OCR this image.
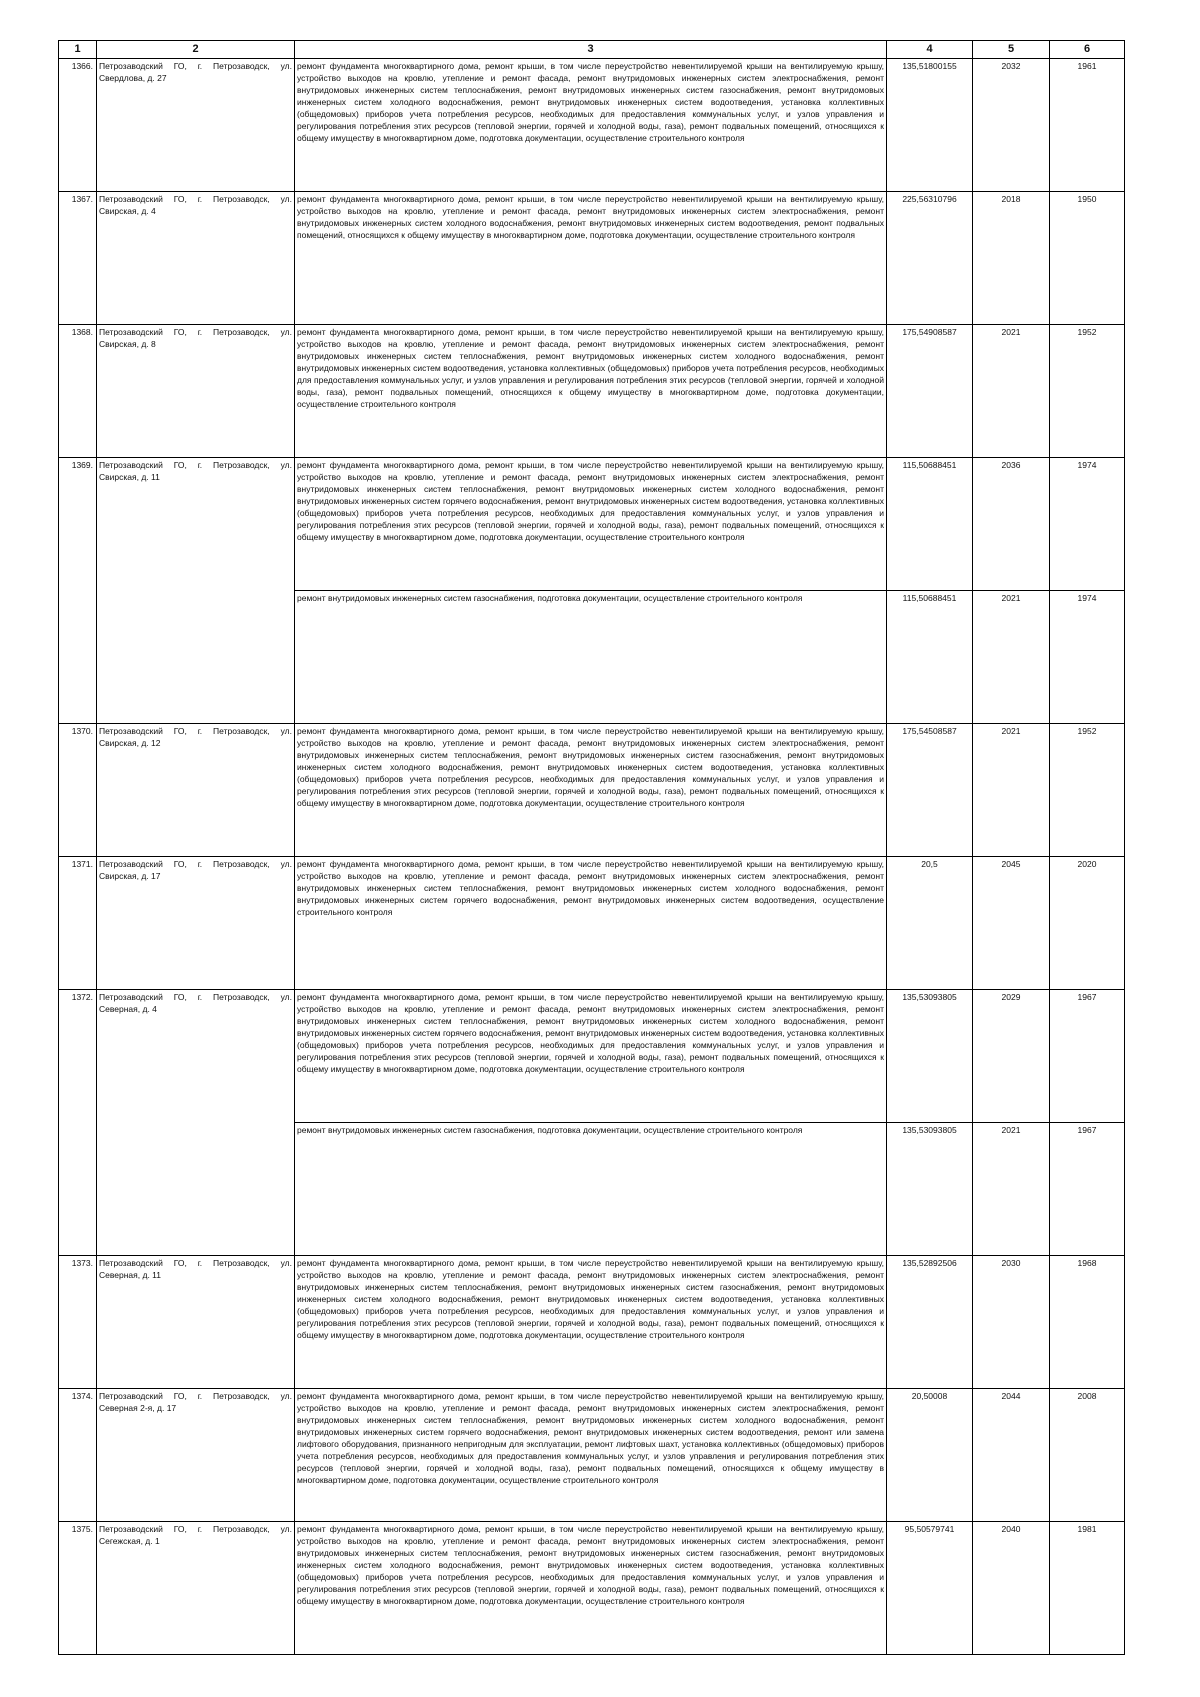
1	2	3	4	5	6
1366.	Петрозаводский ГО, г. Петрозаводск, ул. Свердлова, д. 27	ремонт фундамента многоквартирного дома, ремонт крыши, в том числе переустройство невентилируемой крыши на вентилируемую крышу, устройство выходов на кровлю, утепление и ремонт фасада, ремонт внутридомовых инженерных систем электроснабжения, ремонт внутридомовых инженерных систем теплоснабжения, ремонт внутридомовых инженерных систем газоснабжения, ремонт внутридомовых инженерных систем холодного водоснабжения, ремонт внутридомовых инженерных систем водоотведения, установка коллективных (общедомовых) приборов учета потребления ресурсов, необходимых для предоставления коммунальных услуг, и узлов управления и регулирования потребления этих ресурсов (тепловой энергии, горячей и холодной воды, газа), ремонт подвальных помещений, относящихся к общему имуществу в многоквартирном доме, подготовка документации, осуществление строительного контроля	135,51800155	2032	1961
1367.	Петрозаводский ГО, г. Петрозаводск, ул. Свирская, д. 4	ремонт фундамента многоквартирного дома, ремонт крыши, в том числе переустройство невентилируемой крыши на вентилируемую крышу, устройство выходов на кровлю, утепление и ремонт фасада, ремонт внутридомовых инженерных систем электроснабжения, ремонт внутридомовых инженерных систем холодного водоснабжения, ремонт внутридомовых инженерных систем водоотведения, ремонт подвальных помещений, относящихся к общему имуществу в многоквартирном доме, подготовка документации, осуществление строительного контроля	225,56310796	2018	1950
1368.	Петрозаводский ГО, г. Петрозаводск, ул. Свирская, д. 8	ремонт фундамента многоквартирного дома, ремонт крыши, в том числе переустройство невентилируемой крыши на вентилируемую крышу, устройство выходов на кровлю, утепление и ремонт фасада, ремонт внутридомовых инженерных систем электроснабжения, ремонт внутридомовых инженерных систем теплоснабжения, ремонт внутридомовых инженерных систем холодного водоснабжения, ремонт внутридомовых инженерных систем водоотведения, установка коллективных (общедомовых) приборов учета потребления ресурсов, необходимых для предоставления коммунальных услуг, и узлов управления и регулирования потребления этих ресурсов (тепловой энергии, горячей и холодной воды, газа), ремонт подвальных помещений, относящихся к общему имуществу в многоквартирном доме, подготовка документации, осуществление строительного контроля	175,54908587	2021	1952
1369.	Петрозаводский ГО, г. Петрозаводск, ул. Свирская, д. 11	ремонт фундамента многоквартирного дома, ремонт крыши, в том числе переустройство невентилируемой крыши на вентилируемую крышу, устройство выходов на кровлю, утепление и ремонт фасада, ремонт внутридомовых инженерных систем электроснабжения, ремонт внутридомовых инженерных систем теплоснабжения, ремонт внутридомовых инженерных систем холодного водоснабжения, ремонт внутридомовых инженерных систем горячего водоснабжения, ремонт внутридомовых инженерных систем водоотведения, установка коллективных (общедомовых) приборов учета потребления ресурсов, необходимых для предоставления коммунальных услуг, и узлов управления и регулирования потребления этих ресурсов (тепловой энергии, горячей и холодной воды, газа), ремонт подвальных помещений, относящихся к общему имуществу в многоквартирном доме, подготовка документации, осуществление строительного контроля	115,50688451	2036	1974
		ремонт внутридомовых инженерных систем газоснабжения, подготовка документации, осуществление строительного контроля	115,50688451	2021	1974
1370.	Петрозаводский ГО, г. Петрозаводск, ул. Свирская, д. 12	ремонт фундамента многоквартирного дома, ремонт крыши, в том числе переустройство невентилируемой крыши на вентилируемую крышу, устройство выходов на кровлю, утепление и ремонт фасада, ремонт внутридомовых инженерных систем электроснабжения, ремонт внутридомовых инженерных систем теплоснабжения, ремонт внутридомовых инженерных систем газоснабжения, ремонт внутридомовых инженерных систем холодного водоснабжения, ремонт внутридомовых инженерных систем водоотведения, установка коллективных (общедомовых) приборов учета потребления ресурсов, необходимых для предоставления коммунальных услуг, и узлов управления и регулирования потребления этих ресурсов (тепловой энергии, горячей и холодной воды, газа), ремонт подвальных помещений, относящихся к общему имуществу в многоквартирном доме, подготовка документации, осуществление строительного контроля	175,54508587	2021	1952
1371.	Петрозаводский ГО, г. Петрозаводск, ул. Свирская, д. 17	ремонт фундамента многоквартирного дома, ремонт крыши, в том числе переустройство невентилируемой крыши на вентилируемую крышу, устройство выходов на кровлю, утепление и ремонт фасада, ремонт внутридомовых инженерных систем электроснабжения, ремонт внутридомовых инженерных систем теплоснабжения, ремонт внутридомовых инженерных систем холодного водоснабжения, ремонт внутридомовых инженерных систем горячего водоснабжения, ремонт внутридомовых инженерных систем водоотведения, осуществление строительного контроля	20,5	2045	2020
1372.	Петрозаводский ГО, г. Петрозаводск, ул. Северная, д. 4	ремонт фундамента многоквартирного дома, ремонт крыши, в том числе переустройство невентилируемой крыши на вентилируемую крышу, устройство выходов на кровлю, утепление и ремонт фасада, ремонт внутридомовых инженерных систем электроснабжения, ремонт внутридомовых инженерных систем теплоснабжения, ремонт внутридомовых инженерных систем холодного водоснабжения, ремонт внутридомовых инженерных систем горячего водоснабжения, ремонт внутридомовых инженерных систем водоотведения, установка коллективных (общедомовых) приборов учета потребления ресурсов, необходимых для предоставления коммунальных услуг, и узлов управления и регулирования потребления этих ресурсов (тепловой энергии, горячей и холодной воды, газа), ремонт подвальных помещений, относящихся к общему имуществу в многоквартирном доме, подготовка документации, осуществление строительного контроля	135,53093805	2029	1967
		ремонт внутридомовых инженерных систем газоснабжения, подготовка документации, осуществление строительного контроля	135,53093805	2021	1967
1373.	Петрозаводский ГО, г. Петрозаводск, ул. Северная, д. 11	ремонт фундамента многоквартирного дома, ремонт крыши, в том числе переустройство невентилируемой крыши на вентилируемую крышу, устройство выходов на кровлю, утепление и ремонт фасада, ремонт внутридомовых инженерных систем электроснабжения, ремонт внутридомовых инженерных систем теплоснабжения, ремонт внутридомовых инженерных систем газоснабжения, ремонт внутридомовых инженерных систем холодного водоснабжения, ремонт внутридомовых инженерных систем водоотведения, установка коллективных (общедомовых) приборов учета потребления ресурсов, необходимых для предоставления коммунальных услуг, и узлов управления и регулирования потребления этих ресурсов (тепловой энергии, горячей и холодной воды, газа), ремонт подвальных помещений, относящихся к общему имуществу в многоквартирном доме, подготовка документации, осуществление строительного контроля	135,52892506	2030	1968
1374.	Петрозаводский ГО, г. Петрозаводск, ул. Северная 2-я, д. 17	ремонт фундамента многоквартирного дома, ремонт крыши, в том числе переустройство невентилируемой крыши на вентилируемую крышу, устройство выходов на кровлю, утепление и ремонт фасада, ремонт внутридомовых инженерных систем электроснабжения, ремонт внутридомовых инженерных систем теплоснабжения, ремонт внутридомовых инженерных систем холодного водоснабжения, ремонт внутридомовых инженерных систем горячего водоснабжения, ремонт внутридомовых инженерных систем водоотведения, ремонт или замена лифтового оборудования, признанного непригодным для эксплуатации, ремонт лифтовых шахт, установка коллективных (общедомовых) приборов учета потребления ресурсов, необходимых для предоставления коммунальных услуг, и узлов управления и регулирования потребления этих ресурсов (тепловой энергии, горячей и холодной воды, газа), ремонт подвальных помещений, относящихся к общему имуществу в многоквартирном доме, подготовка документации, осуществление строительного контроля	20,50008	2044	2008
1375.	Петрозаводский ГО, г. Петрозаводск, ул. Сегежская, д. 1	ремонт фундамента многоквартирного дома, ремонт крыши, в том числе переустройство невентилируемой крыши на вентилируемую крышу, устройство выходов на кровлю, утепление и ремонт фасада, ремонт внутридомовых инженерных систем электроснабжения, ремонт внутридомовых инженерных систем теплоснабжения, ремонт внутридомовых инженерных систем газоснабжения, ремонт внутридомовых инженерных систем холодного водоснабжения, ремонт внутридомовых инженерных систем водоотведения, установка коллективных (общедомовых) приборов учета потребления ресурсов, необходимых для предоставления коммунальных услуг, и узлов управления и регулирования потребления этих ресурсов (тепловой энергии, горячей и холодной воды, газа), ремонт подвальных помещений, относящихся к общему имуществу в многоквартирном доме, подготовка документации, осуществление строительного контроля	95,50579741	2040	1981
